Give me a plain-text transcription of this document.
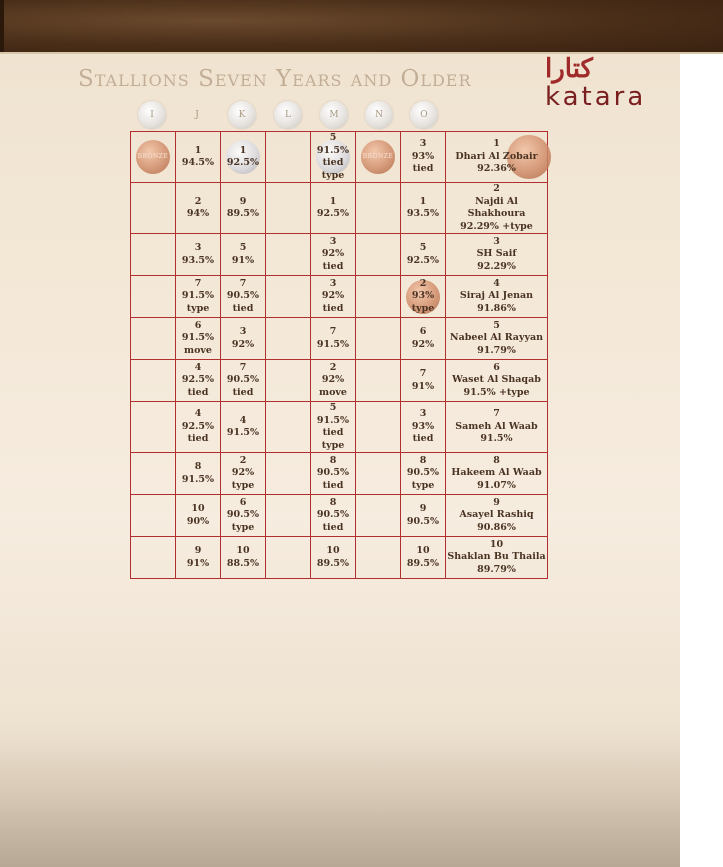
Stallions Seven Years and Older	كتارا
katara
I	J	K	L	M	N	O
BRONZE	1
94.5%	1
92.5%		5
91.5%
tied type	BRONZE	3
93%
tied	1
Dhari Al Zobair
92.36%

	2
94%	9
89.5%		1
92.5%		1
93.5%	2
Najdi Al Shakhoura
92.29% +type

	3
93.5%	5
91%		3
92%
tied		5
92.5%	3
SH Saif
92.29%

	7
91.5%
type	7
90.5%
tied		3
92%
tied		2
93%
type	4
Siraj Al Jenan
91.86%

	6
91.5%
move	3
92%		7
91.5%		6
92%	5
Nabeel Al Rayyan
91.79%

	4
92.5%
tied	7
90.5%
tied		2
92%
move		7
91%	6
Waset Al Shaqab
91.5% +type

	4
92.5%
tied	4
91.5%		5
91.5%
tied type		3
93%
tied	7
Sameh Al Waab
91.5%

	8
91.5%	2
92%
type		8
90.5%
tied		8
90.5%
type	8
Hakeem Al Waab
91.07%

	10
90%	6
90.5%
type		8
90.5%
tied		9
90.5%	9
Asayel Rashiq
90.86%

	9
91%	10
88.5%		10
89.5%		10
89.5%	10
Shaklan Bu Thaila
89.79%
